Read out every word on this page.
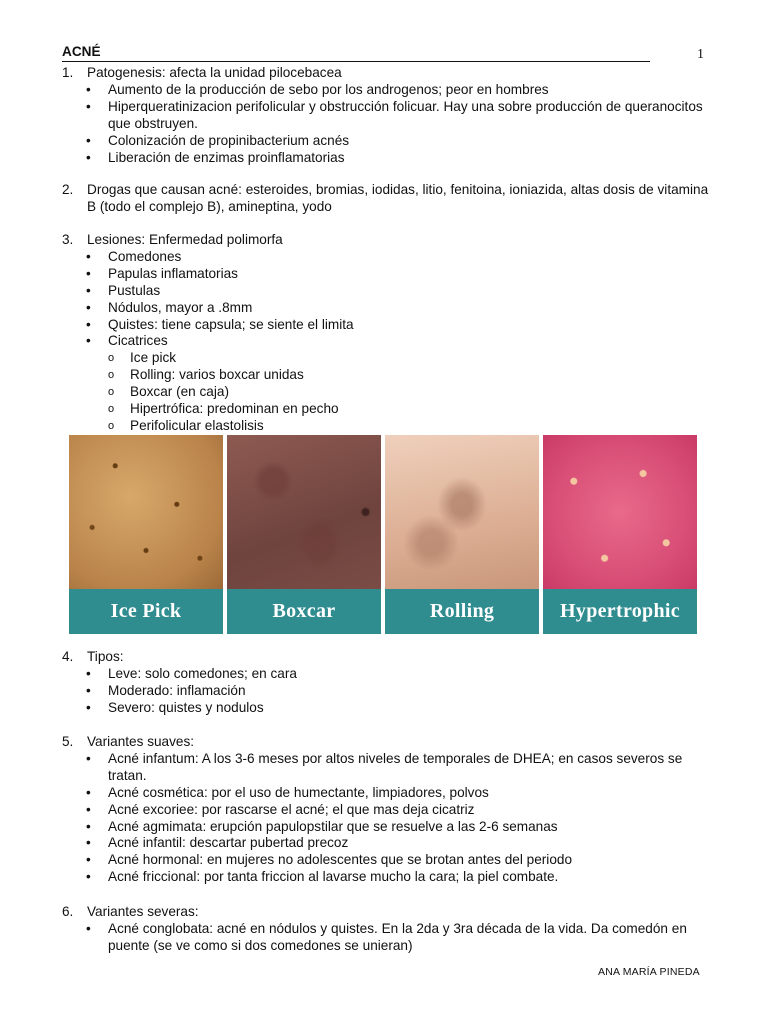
ACNÉ	1
1.	Patogenesis: afecta la unidad pilocebacea
•	Aumento de la producción de sebo por los androgenos; peor en hombres
•	Hiperqueratinizacion perifolicular y obstrucción folicuar. Hay una sobre producción de queranocitos que obstruyen.
•	Colonización de propinibacterium acnés
•	Liberación de enzimas proinflamatorias
2.	Drogas que causan acné: esteroides, bromias, iodidas, litio, fenitoina, ioniazida, altas dosis de vitamina B (todo el complejo B), amineptina, yodo
3.	Lesiones: Enfermedad polimorfa
•	Comedones
•	Papulas inflamatorias
•	Pustulas
•	Nódulos, mayor a .8mm
•	Quistes: tiene capsula; se siente el limita
•	Cicatrices
o	Ice pick
o	Rolling: varios boxcar unidas
o	Boxcar (en caja)
o	Hipertrófica: predominan en pecho
o	Perifolicular elastolisis
Ice Pick	Boxcar	Rolling	Hypertrophic
4.	Tipos:
•	Leve: solo comedones; en cara
•	Moderado: inflamación
•	Severo: quistes y nodulos
5.	Variantes suaves:
•	Acné infantum: A los 3-6 meses por altos niveles de temporales de DHEA; en casos severos se tratan.
•	Acné cosmética: por el uso de humectante, limpiadores, polvos
•	Acné excoriee: por rascarse el acné; el que mas deja cicatriz
•	Acné agmimata: erupción papulopstilar que se resuelve a las 2-6 semanas
•	Acné infantil: descartar pubertad precoz
•	Acné hormonal: en mujeres no adolescentes que se brotan antes del periodo
•	Acné friccional: por tanta friccion al lavarse mucho la cara; la piel combate.
6.	Variantes severas:
•	Acné conglobata: acné en nódulos y quistes. En la 2da y 3ra década de la vida. Da comedón en puente (se ve como si dos comedones se unieran)
ANA MARÍA PINEDA
